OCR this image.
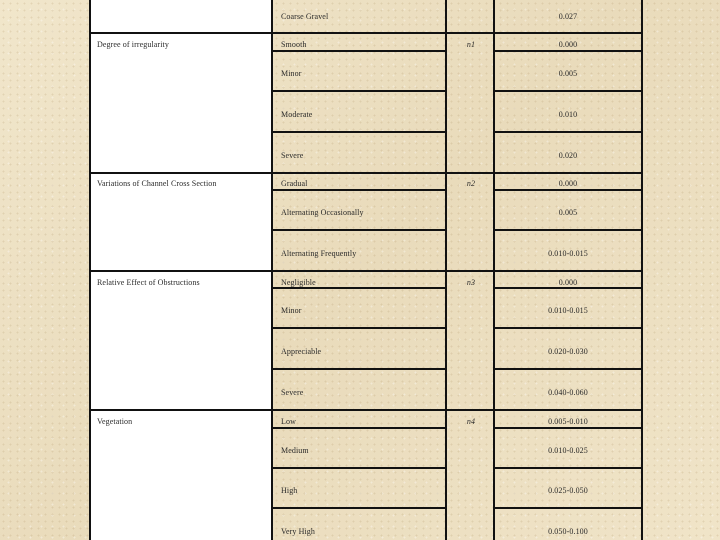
Coarse Gravel	0.027
Degree of irregularity	Smooth	n1	0.000
Minor	0.005
Moderate	0.010
Severe	0.020
Variations of Channel Cross Section	Gradual	n2	0.000
Alternating Occasionally	0.005
Alternating Frequently	0.010-0.015
Relative Effect of Obstructions	Negligible	n3	0.000
Minor	0.010-0.015
Appreciable	0.020-0.030
Severe	0.040-0.060
Vegetation	Low	n4	0.005-0.010
Medium	0.010-0.025
High	0.025-0.050
Very High	0.050-0.100
